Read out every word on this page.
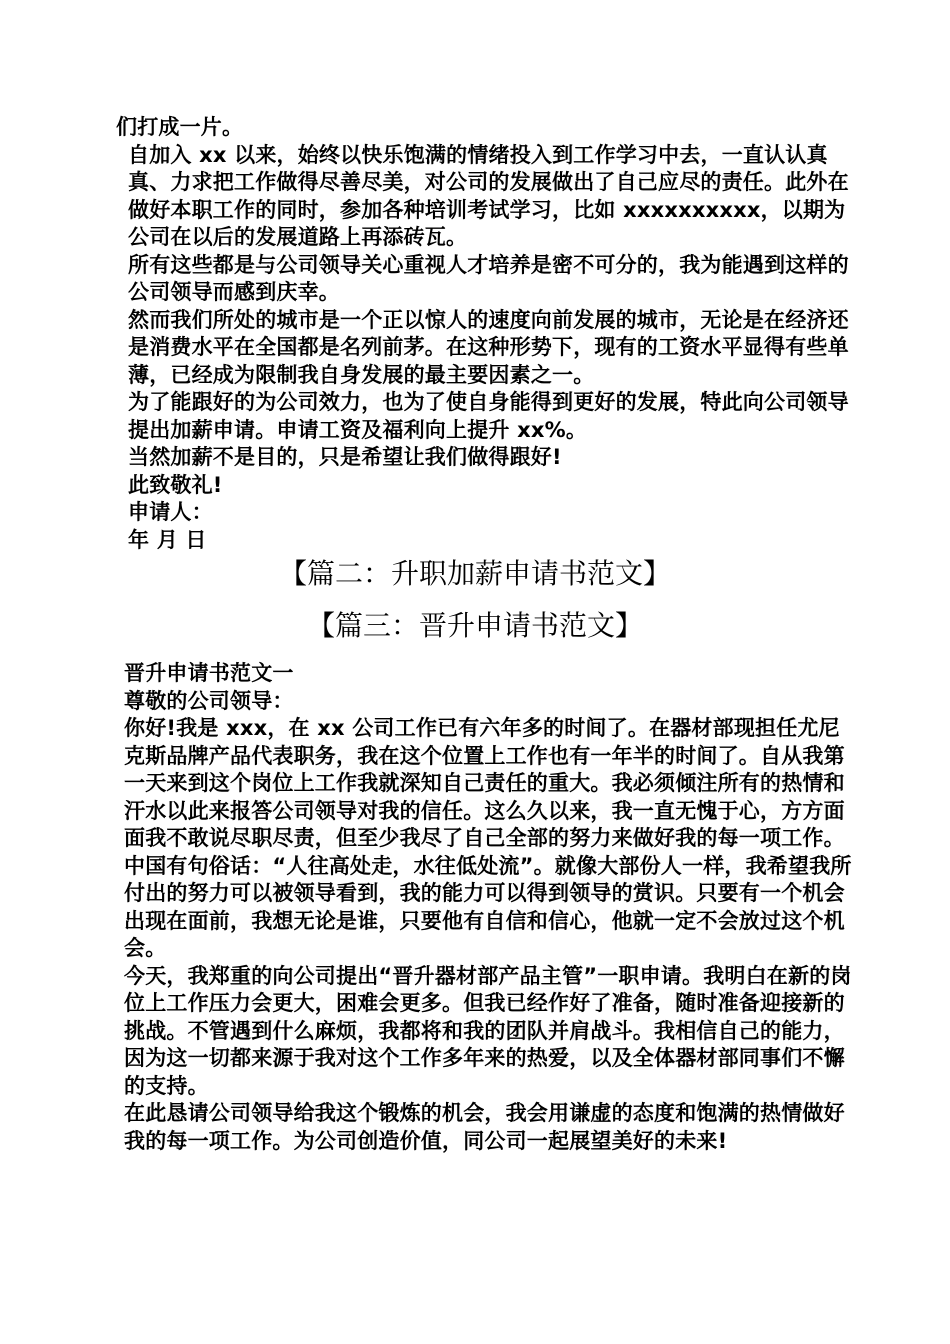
们打成一片。

自加入 xx 以来，始终以快乐饱满的情绪投入到工作学习中去，一直认认真真、力求把工作做得尽善尽美，对公司的发展做出了自己应尽的责任。此外在做好本职工作的同时，参加各种培训考试学习，比如 xxxxxxxxxx，以期为公司在以后的发展道路上再添砖瓦。

所有这些都是与公司领导关心重视人才培养是密不可分的，我为能遇到这样的公司领导而感到庆幸。

然而我们所处的城市是一个正以惊人的速度向前发展的城市，无论是在经济还是消费水平在全国都是名列前茅。在这种形势下，现有的工资水平显得有些单薄，已经成为限制我自身发展的最主要因素之一。

为了能跟好的为公司效力，也为了使自身能得到更好的发展，特此向公司领导提出加薪申请。申请工资及福利向上提升 xx%。

当然加薪不是目的，只是希望让我们做得跟好!

此致敬礼!

申请人：

年 月 日

【篇二：升职加薪申请书范文】
【篇三：晋升申请书范文】

晋升申请书范文一

尊敬的公司领导：

你好!我是 xxx，在 xx 公司工作已有六年多的时间了。在器材部现担任尤尼克斯品牌产品代表职务，我在这个位置上工作也有一年半的时间了。自从我第一天来到这个岗位上工作我就深知自己责任的重大。我必须倾注所有的热情和汗水以此来报答公司领导对我的信任。这么久以来，我一直无愧于心，方方面面我不敢说尽职尽责，但至少我尽了自己全部的努力来做好我的每一项工作。

中国有句俗话：“人往高处走，水往低处流”。就像大部份人一样，我希望我所付出的努力可以被领导看到，我的能力可以得到领导的赏识。只要有一个机会出现在面前，我想无论是谁，只要他有自信和信心，他就一定不会放过这个机会。

今天，我郑重的向公司提出“晋升器材部产品主管”一职申请。我明白在新的岗位上工作压力会更大，困难会更多。但我已经作好了准备，随时准备迎接新的挑战。不管遇到什么麻烦，我都将和我的团队并肩战斗。我相信自己的能力，因为这一切都来源于我对这个工作多年来的热爱，以及全体器材部同事们不懈的支持。

在此恳请公司领导给我这个锻炼的机会，我会用谦虚的态度和饱满的热情做好我的每一项工作。为公司创造价值，同公司一起展望美好的未来!
